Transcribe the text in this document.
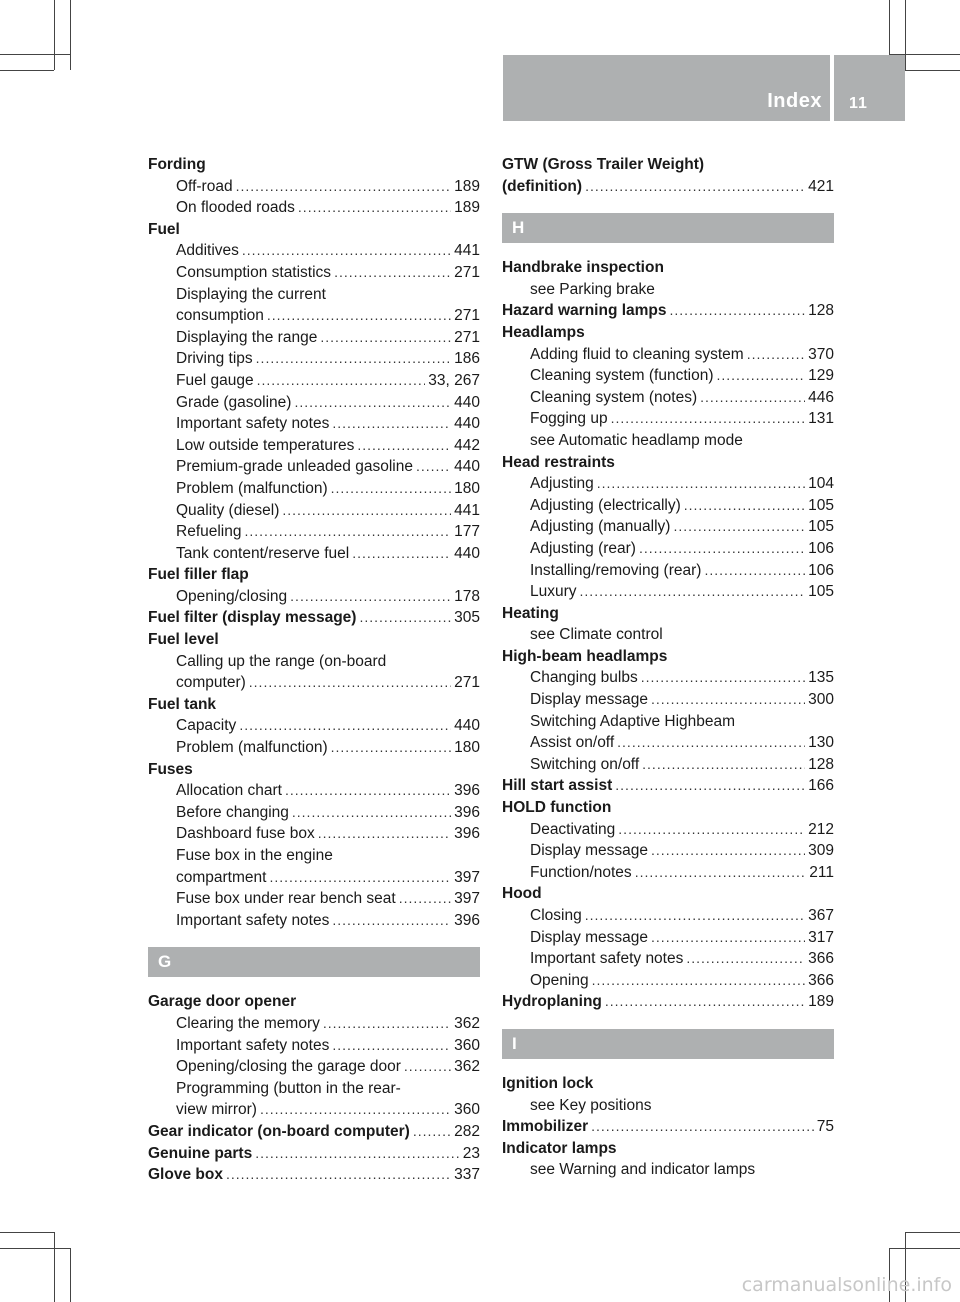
Index 11
Fording
Off-road .....	189
On flooded roads .....	189
Fuel
Additives .....	441
Consumption statistics .....	271
Displaying the current
consumption .....	271
Displaying the range .....	271
Driving tips .....	186
Fuel gauge .....	33, 267
Grade (gasoline) .....	440
Important safety notes .....	440
Low outside temperatures .....	442
Premium-grade unleaded gasoline .....	440
Problem (malfunction) .....	180
Quality (diesel) .....	441
Refueling .....	177
Tank content/reserve fuel .....	440
Fuel filler flap
Opening/closing .....	178
Fuel filter (display message) .....	305
Fuel level
Calling up the range (on-board
computer) .....	271
Fuel tank
Capacity .....	440
Problem (malfunction) .....	180
Fuses
Allocation chart .....	396
Before changing .....	396
Dashboard fuse box .....	396
Fuse box in the engine
compartment .....	397
Fuse box under rear bench seat .....	397
Important safety notes .....	396
G
Garage door opener
Clearing the memory .....	362
Important safety notes .....	360
Opening/closing the garage door .....	362
Programming (button in the rear-
view mirror) .....	360
Gear indicator (on-board computer) .....	282
Genuine parts .....	23
Glove box .....	337
GTW (Gross Trailer Weight)
(definition) .....	421
H
Handbrake inspection
see Parking brake
Hazard warning lamps .....	128
Headlamps
Adding fluid to cleaning system .....	370
Cleaning system (function) .....	129
Cleaning system (notes) .....	446
Fogging up .....	131
see Automatic headlamp mode
Head restraints
Adjusting .....	104
Adjusting (electrically) .....	105
Adjusting (manually) .....	105
Adjusting (rear) .....	106
Installing/removing (rear) .....	106
Luxury .....	105
Heating
see Climate control
High-beam headlamps
Changing bulbs .....	135
Display message .....	300
Switching Adaptive Highbeam
Assist on/off .....	130
Switching on/off .....	128
Hill start assist .....	166
HOLD function
Deactivating .....	212
Display message .....	309
Function/notes .....	211
Hood
Closing .....	367
Display message .....	317
Important safety notes .....	366
Opening .....	366
Hydroplaning .....	189
I
Ignition lock
see Key positions
Immobilizer .....	75
Indicator lamps
see Warning and indicator lamps
carmanualsonline.info
